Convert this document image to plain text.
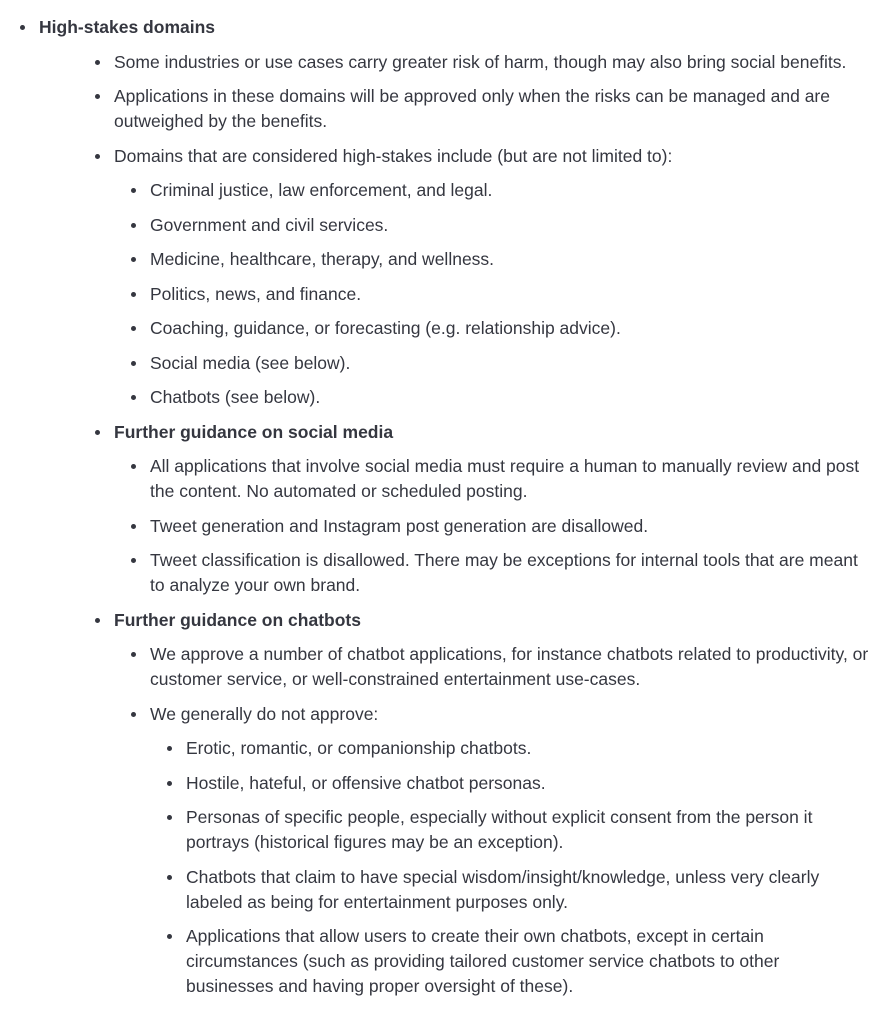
High-stakes domains
Some industries or use cases carry greater risk of harm, though may also bring social benefits.
Applications in these domains will be approved only when the risks can be managed and are outweighed by the benefits.
Domains that are considered high-stakes include (but are not limited to):
Criminal justice, law enforcement, and legal.
Government and civil services.
Medicine, healthcare, therapy, and wellness.
Politics, news, and finance.
Coaching, guidance, or forecasting (e.g. relationship advice).
Social media (see below).
Chatbots (see below).
Further guidance on social media
All applications that involve social media must require a human to manually review and post the content. No automated or scheduled posting.
Tweet generation and Instagram post generation are disallowed.
Tweet classification is disallowed. There may be exceptions for internal tools that are meant to analyze your own brand.
Further guidance on chatbots
We approve a number of chatbot applications, for instance chatbots related to productivity, or customer service, or well-constrained entertainment use-cases.
We generally do not approve:
Erotic, romantic, or companionship chatbots.
Hostile, hateful, or offensive chatbot personas.
Personas of specific people, especially without explicit consent from the person it portrays (historical figures may be an exception).
Chatbots that claim to have special wisdom/insight/knowledge, unless very clearly labeled as being for entertainment purposes only.
Applications that allow users to create their own chatbots, except in certain circumstances (such as providing tailored customer service chatbots to other businesses and having proper oversight of these).
